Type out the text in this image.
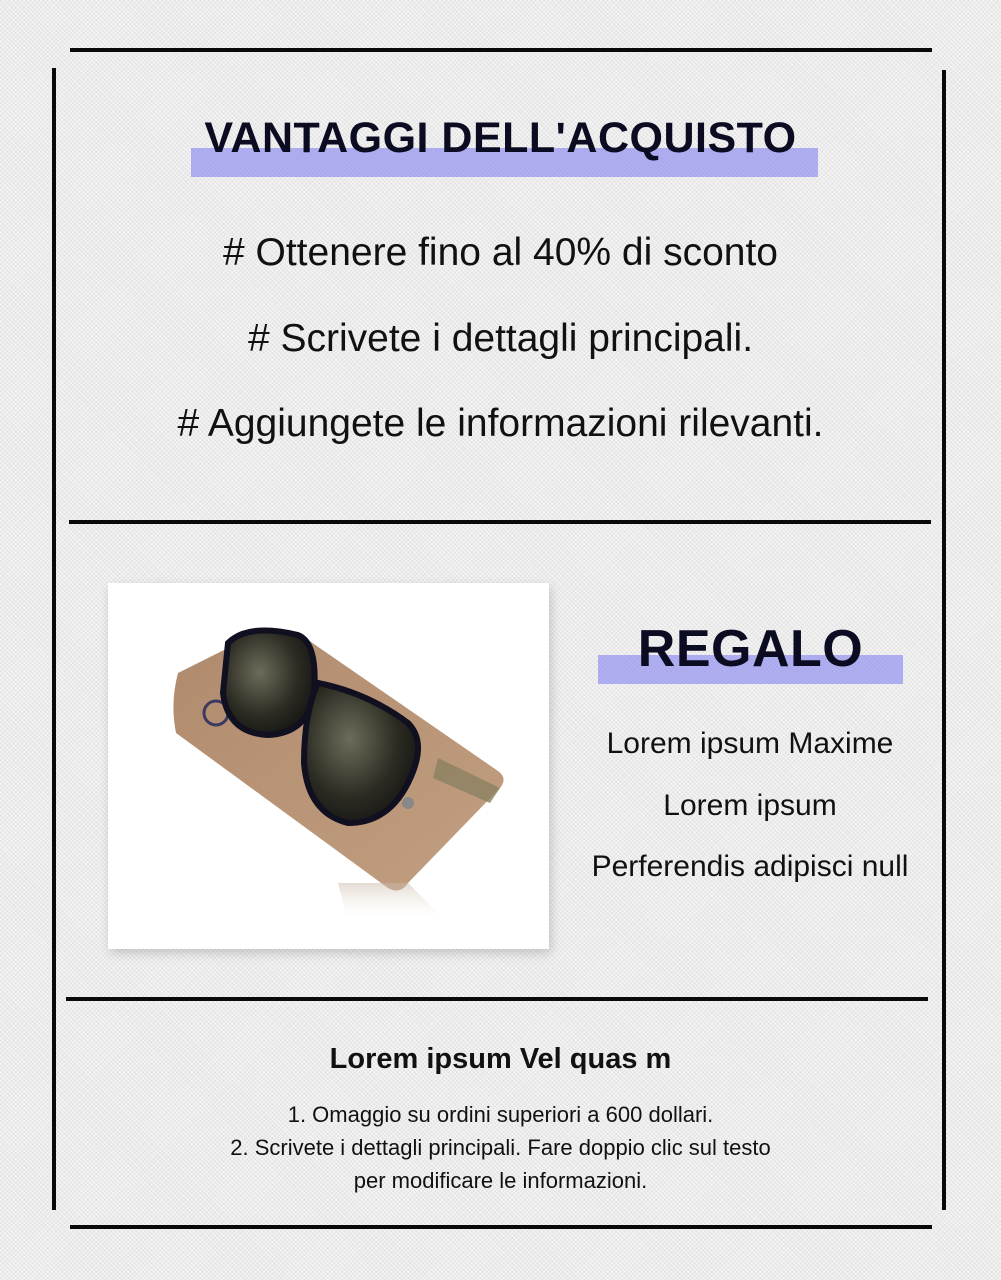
VANTAGGI DELL'ACQUISTO
# Ottenere fino al 40% di sconto
# Scrivete i dettagli principali.
# Aggiungete le informazioni rilevanti.
REGALO
Lorem ipsum Maxime
Lorem ipsum
Perferendis adipisci null
Lorem ipsum Vel quas m
1. Omaggio su ordini superiori a 600 dollari.
2. Scrivete i dettagli principali. Fare doppio clic sul testo
per modificare le informazioni.
